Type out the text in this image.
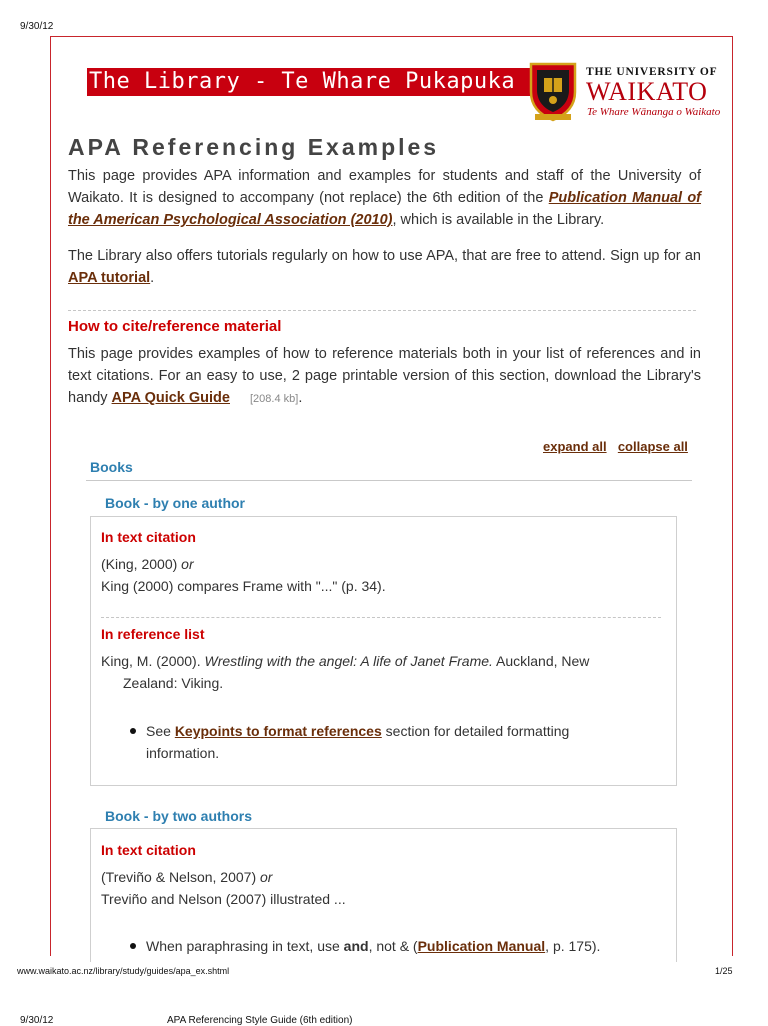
9/30/12
The Library - Te Whare Pukapuka	THE UNIVERSITY OF
WAIKATO
Te Whare Wānanga o Waikato
APA Referencing Examples
This page provides APA information and examples for students and staff of the University of Waikato. It is designed to accompany (not replace) the 6th edition of the Publication Manual of the American Psychological Association (2010), which is available in the Library.
The Library also offers tutorials regularly on how to use APA, that are free to attend. Sign up for an APA tutorial.
How to cite/reference material
This page provides examples of how to reference materials both in your list of references and in text citations. For an easy to use, 2 page printable version of this section, download the Library's handy APA Quick Guide [208.4 kb].
expand all collapse all
Books
Book - by one author
In text citation
(King, 2000) or
King (2000) compares Frame with "..." (p. 34).
In reference list
King, M. (2000). Wrestling with the angel: A life of Janet Frame. Auckland, New Zealand: Viking.
See Keypoints to format references section for detailed formatting information.
Book - by two authors
In text citation
(Treviño & Nelson, 2007) or
Treviño and Nelson (2007) illustrated ...
When paraphrasing in text, use and, not & (Publication Manual, p. 175).
www.waikato.ac.nz/library/study/guides/apa_ex.shtml	1/25
9/30/12	APA Referencing Style Guide (6th edition)
